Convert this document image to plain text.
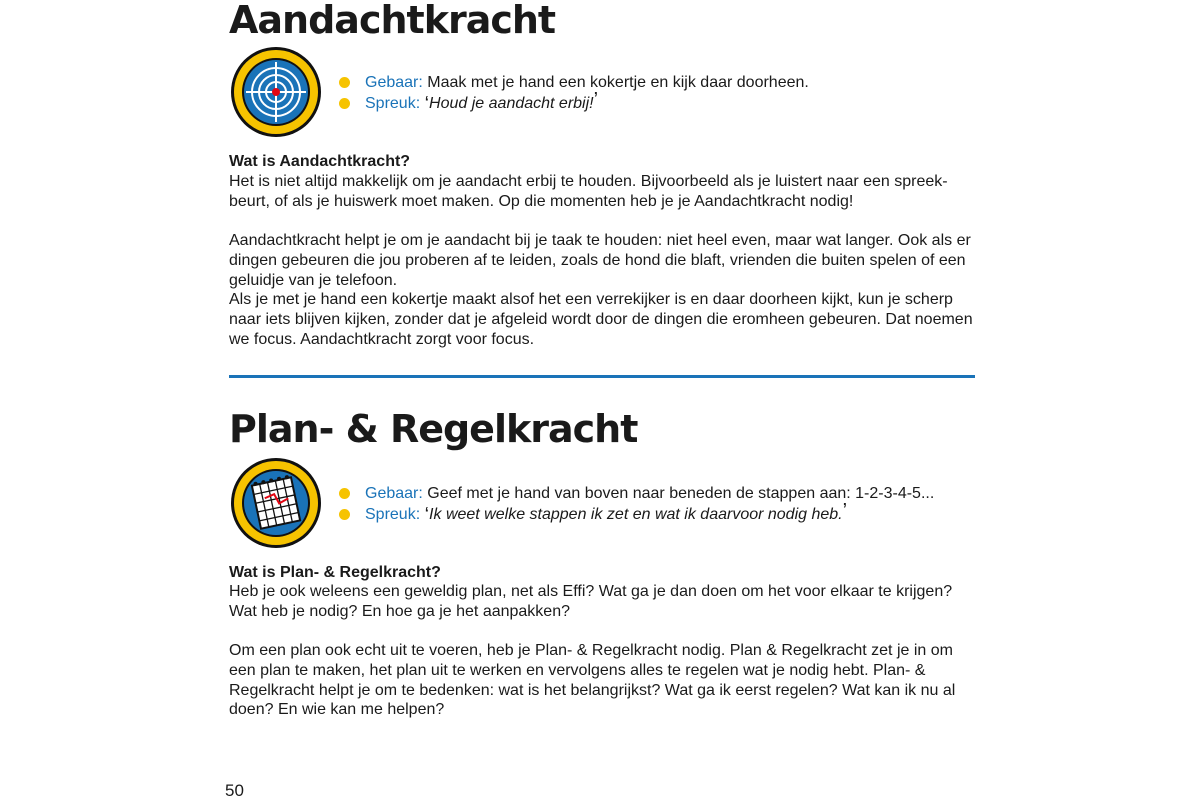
Aandachtkracht
Gebaar: Maak met je hand een kokertje en kijk daar doorheen.
Spreuk: ‘Houd je aandacht erbij!’
Wat is Aandachtkracht?

Het is niet altijd makkelijk om je aandacht erbij te houden. Bijvoorbeeld als je luistert naar een spreek-beurt, of als je huiswerk moet maken. Op die momenten heb je je Aandachtkracht nodig!

Aandachtkracht helpt je om je aandacht bij je taak te houden: niet heel even, maar wat langer. Ook als er dingen gebeuren die jou proberen af te leiden, zoals de hond die blaft, vrienden die buiten spelen of een geluidje van je telefoon.

Als je met je hand een kokertje maakt alsof het een verrekijker is en daar doorheen kijkt, kun je scherp naar iets blijven kijken, zonder dat je afgeleid wordt door de dingen die eromheen gebeuren. Dat noemen we focus. Aandachtkracht zorgt voor focus.

Plan- & Regelkracht
Gebaar: Geef met je hand van boven naar beneden de stappen aan: 1-2-3-4-5...
Spreuk: ‘Ik weet welke stappen ik zet en wat ik daarvoor nodig heb.’
Wat is Plan- & Regelkracht?

Heb je ook weleens een geweldig plan, net als Effi? Wat ga je dan doen om het voor elkaar te krijgen? Wat heb je nodig? En hoe ga je het aanpakken?

Om een plan ook echt uit te voeren, heb je Plan- & Regelkracht nodig. Plan & Regelkracht zet je in om een plan te maken, het plan uit te werken en vervolgens alles te regelen wat je nodig hebt. Plan- & Regelkracht helpt je om te bedenken: wat is het belangrijkst? Wat ga ik eerst regelen? Wat kan ik nu al doen? En wie kan me helpen?

50
